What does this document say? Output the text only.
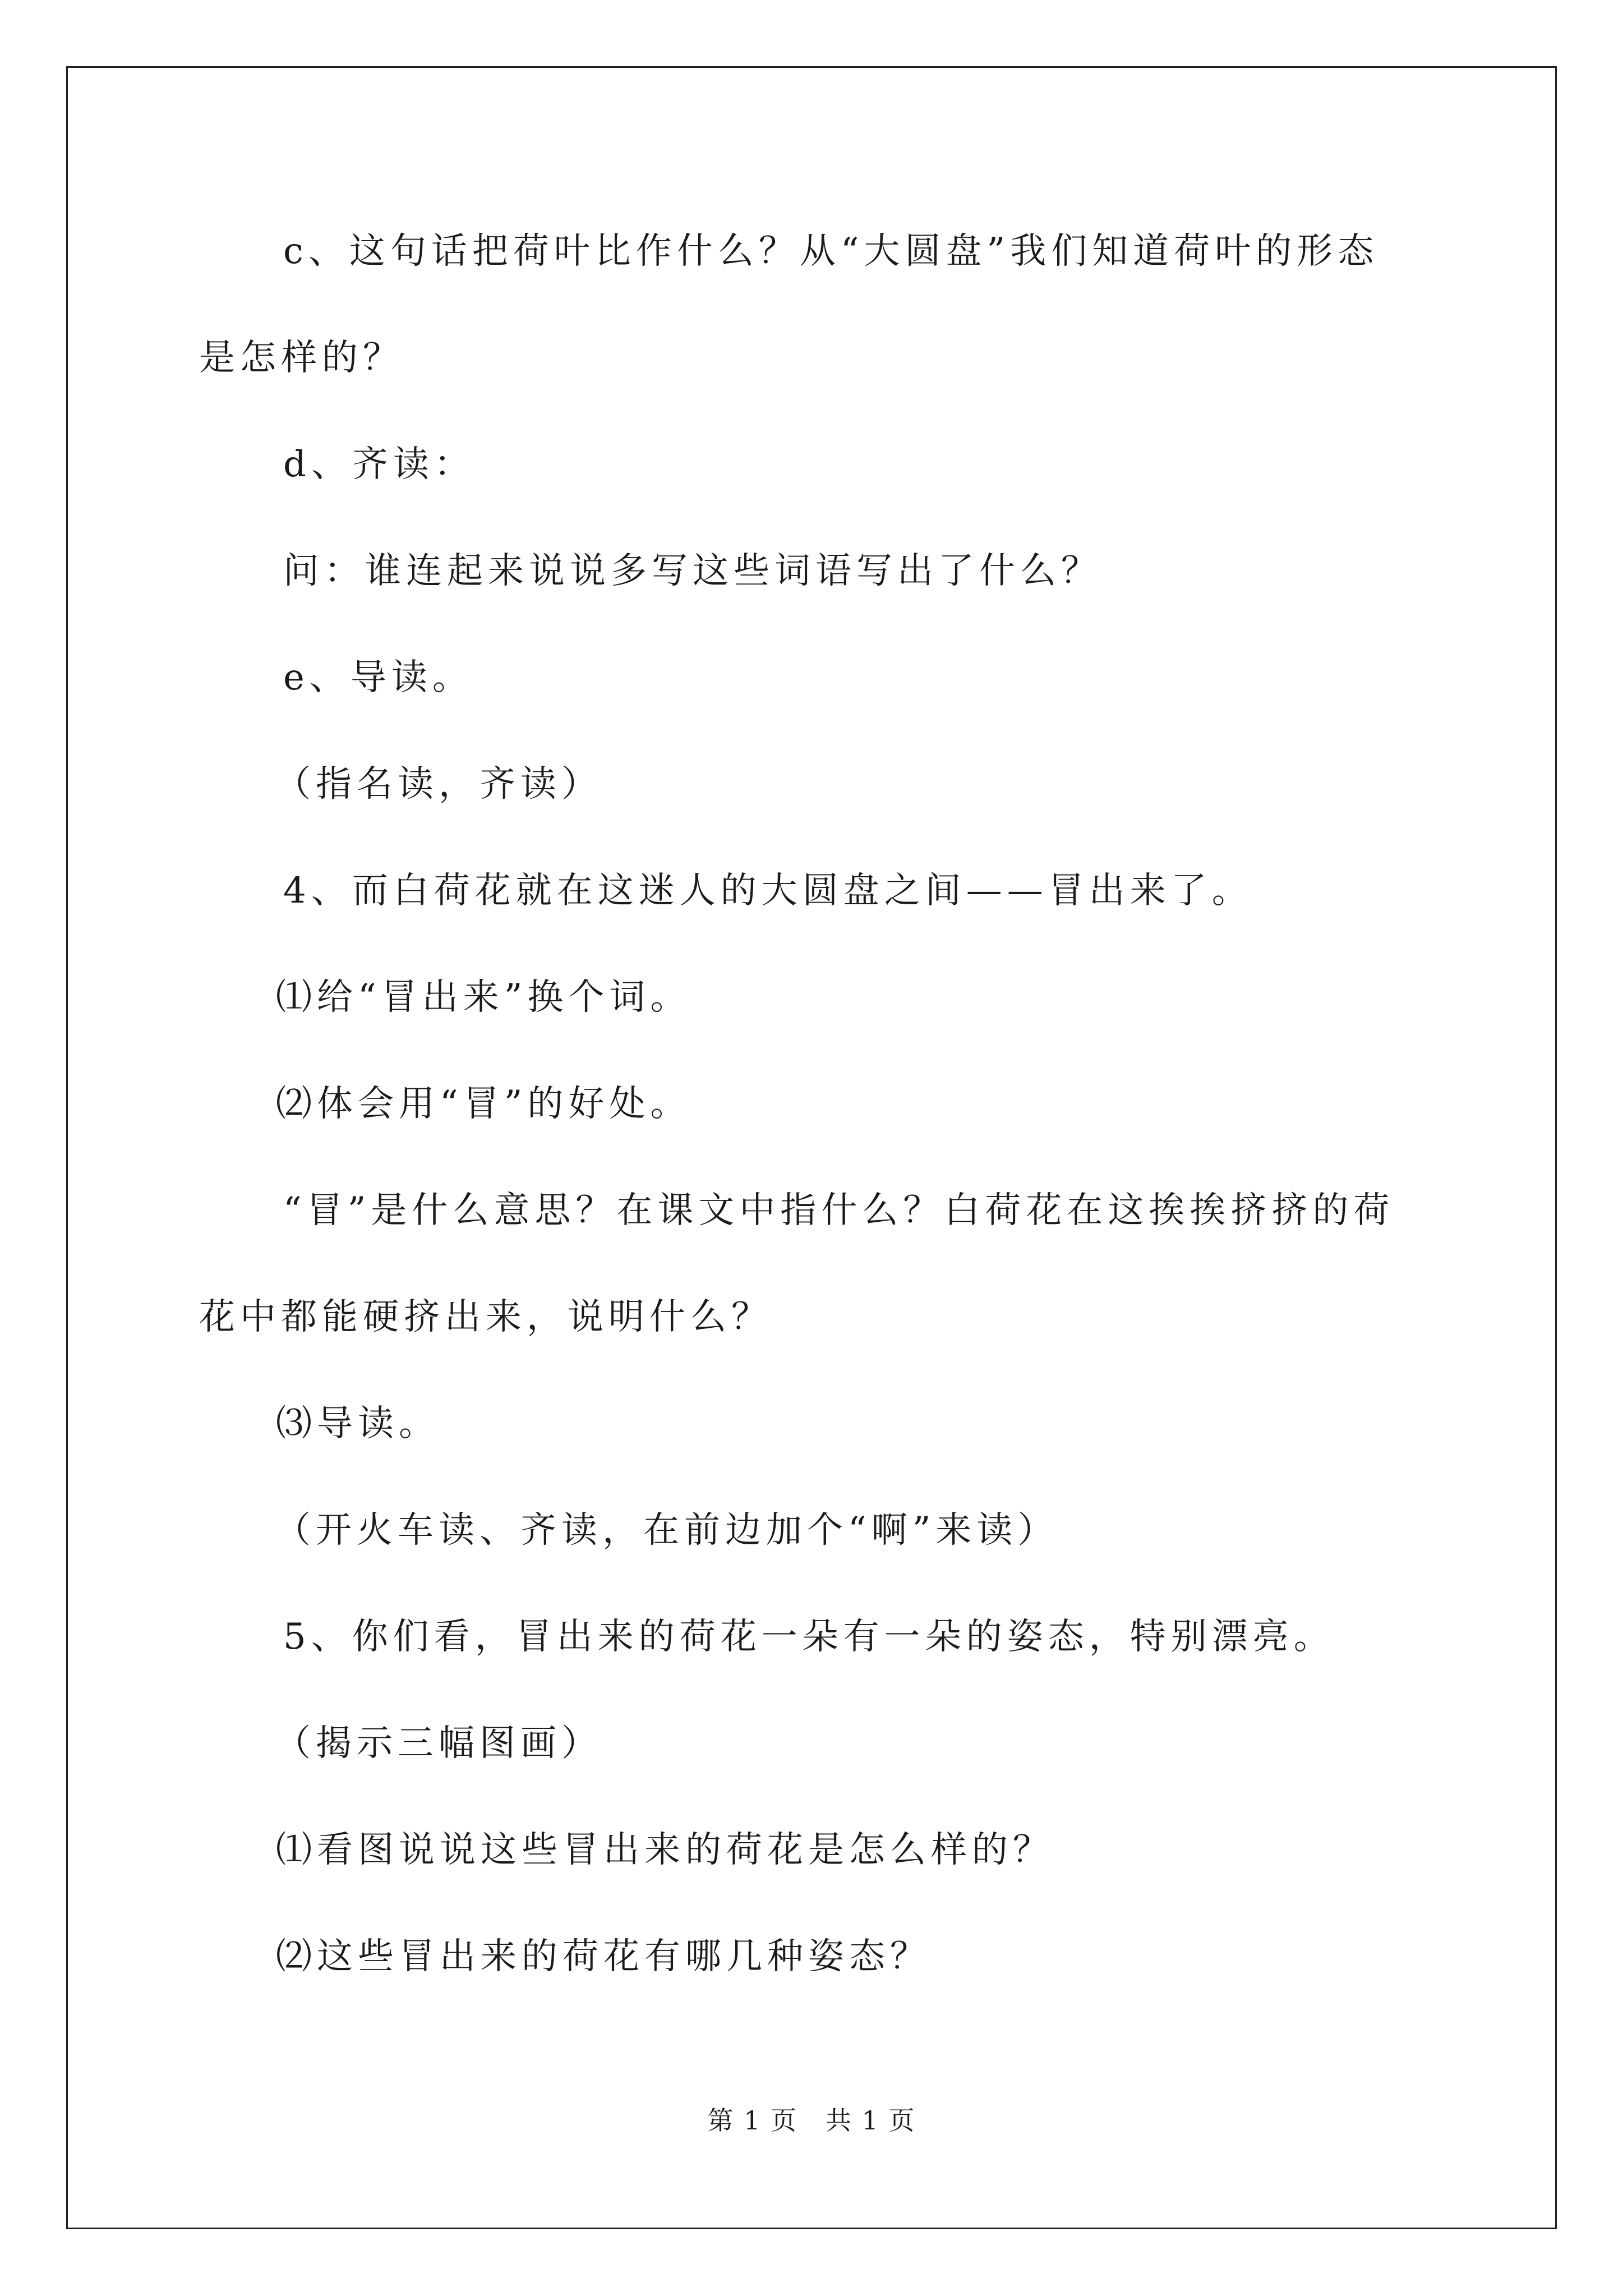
c、这句话把荷叶比作什么？从“大圆盘”我们知道荷叶的形态
是怎样的？
d、齐读：
问：谁连起来说说多写这些词语写出了什么？
e、导读。
（指名读，齐读）
4、而白荷花就在这迷人的大圆盘之间——冒出来了。
⑴给“冒出来”换个词。
⑵体会用“冒”的好处。
“冒”是什么意思？在课文中指什么？白荷花在这挨挨挤挤的荷
花中都能硬挤出来，说明什么？
⑶导读。
（开火车读、齐读，在前边加个“啊”来读）
5、你们看，冒出来的荷花一朵有一朵的姿态，特别漂亮。
（揭示三幅图画）
⑴看图说说这些冒出来的荷花是怎么样的？
⑵这些冒出来的荷花有哪几种姿态？
第 1 页 共 1 页
